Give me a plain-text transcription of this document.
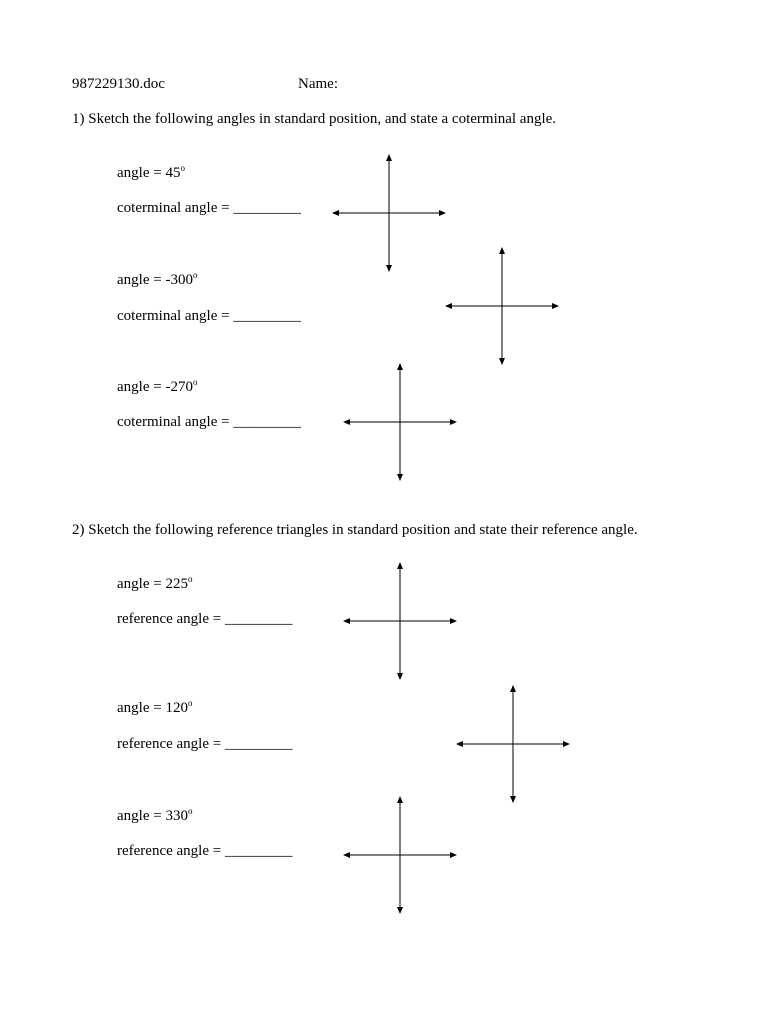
987229130.doc	Name:
1) Sketch the following angles in standard position, and state a coterminal angle.
angle = $45^o$
coterminal angle = _________
angle = $-300^o$
coterminal angle = _________
angle = $-270^o$
coterminal angle = _________
2) Sketch the following reference triangles in standard position and state their reference angle.
angle = $225^o$
reference angle = _________
angle = $120^o$
reference angle = _________
angle = $330^o$
reference angle = _________
